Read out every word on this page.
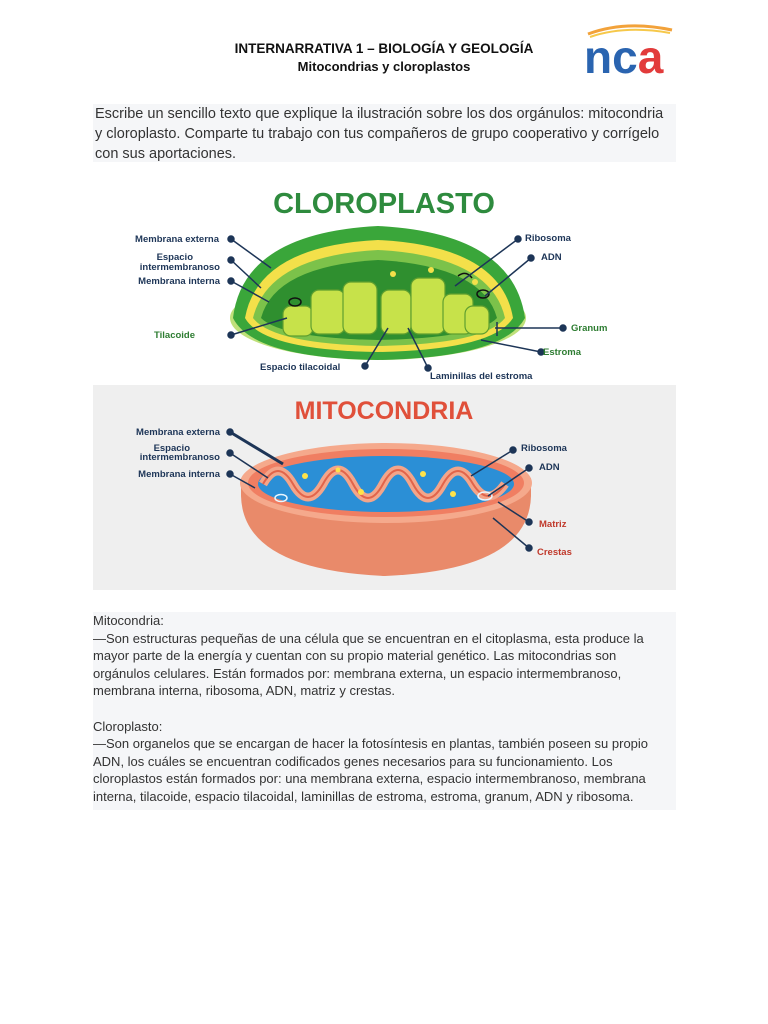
INTERNARRATIVA 1 – BIOLOGÍA Y GEOLOGÍA
Mitocondrias y cloroplastos	nca

Escribe un sencillo texto que explique la ilustración sobre los dos orgánulos: mitocondria y cloroplasto. Comparte tu trabajo con tus compañeros de grupo cooperativo y corrígelo con sus aportaciones.

CLOROPLASTO
Membrana externa
Espacio
intermembranoso
Membrana interna
Espacio tilacoidal
Laminillas del estroma
Ribosoma
ADN
Tilacoide
Granum
Estroma
MITOCONDRIA
Membrana externa
Espacio
intermembranoso
Membrana interna
Ribosoma
ADN
Matriz
Crestas

Mitocondria:

—Son estructuras pequeñas de una célula que se encuentran en el citoplasma, esta produce la mayor parte de la energía y cuentan con su propio material genético. Las mitocondrias son orgánulos celulares. Están formados por: membrana externa, un espacio intermembranoso, membrana interna, ribosoma, ADN, matriz y crestas.

Cloroplasto:

—Son organelos que se encargan de hacer la fotosíntesis en plantas, también poseen su propio ADN, los cuáles se encuentran codificados genes necesarios para su funcionamiento. Los cloroplastos están formados por: una membrana externa, espacio intermembranoso, membrana interna, tilacoide, espacio tilacoidal, laminillas de estroma, estroma, granum, ADN y ribosoma.
